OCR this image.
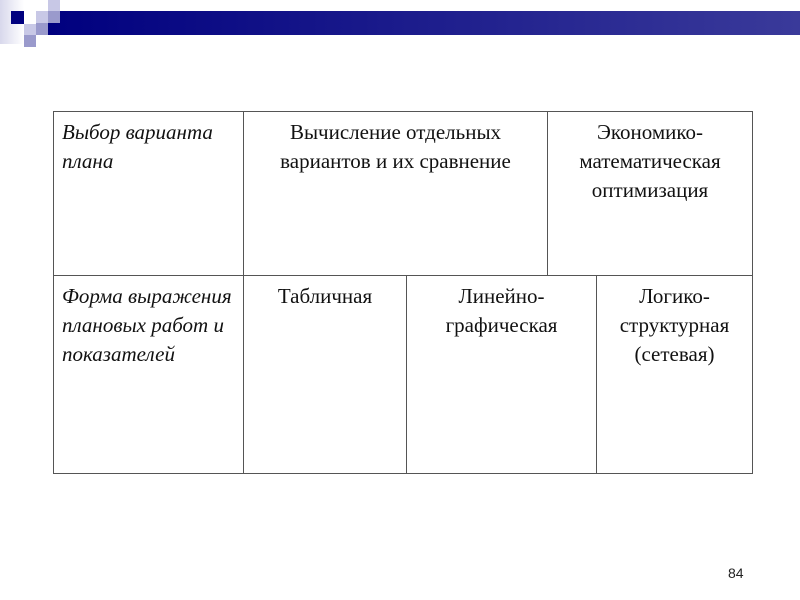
Выбор варианта плана
Вычисление отдельных вариантов и их сравнение
Экономико-математическая оптимизация
Форма выражения плановых работ и показателей
Табличная	Линейно-графическая
Логико-структурная (сетевая)
84
